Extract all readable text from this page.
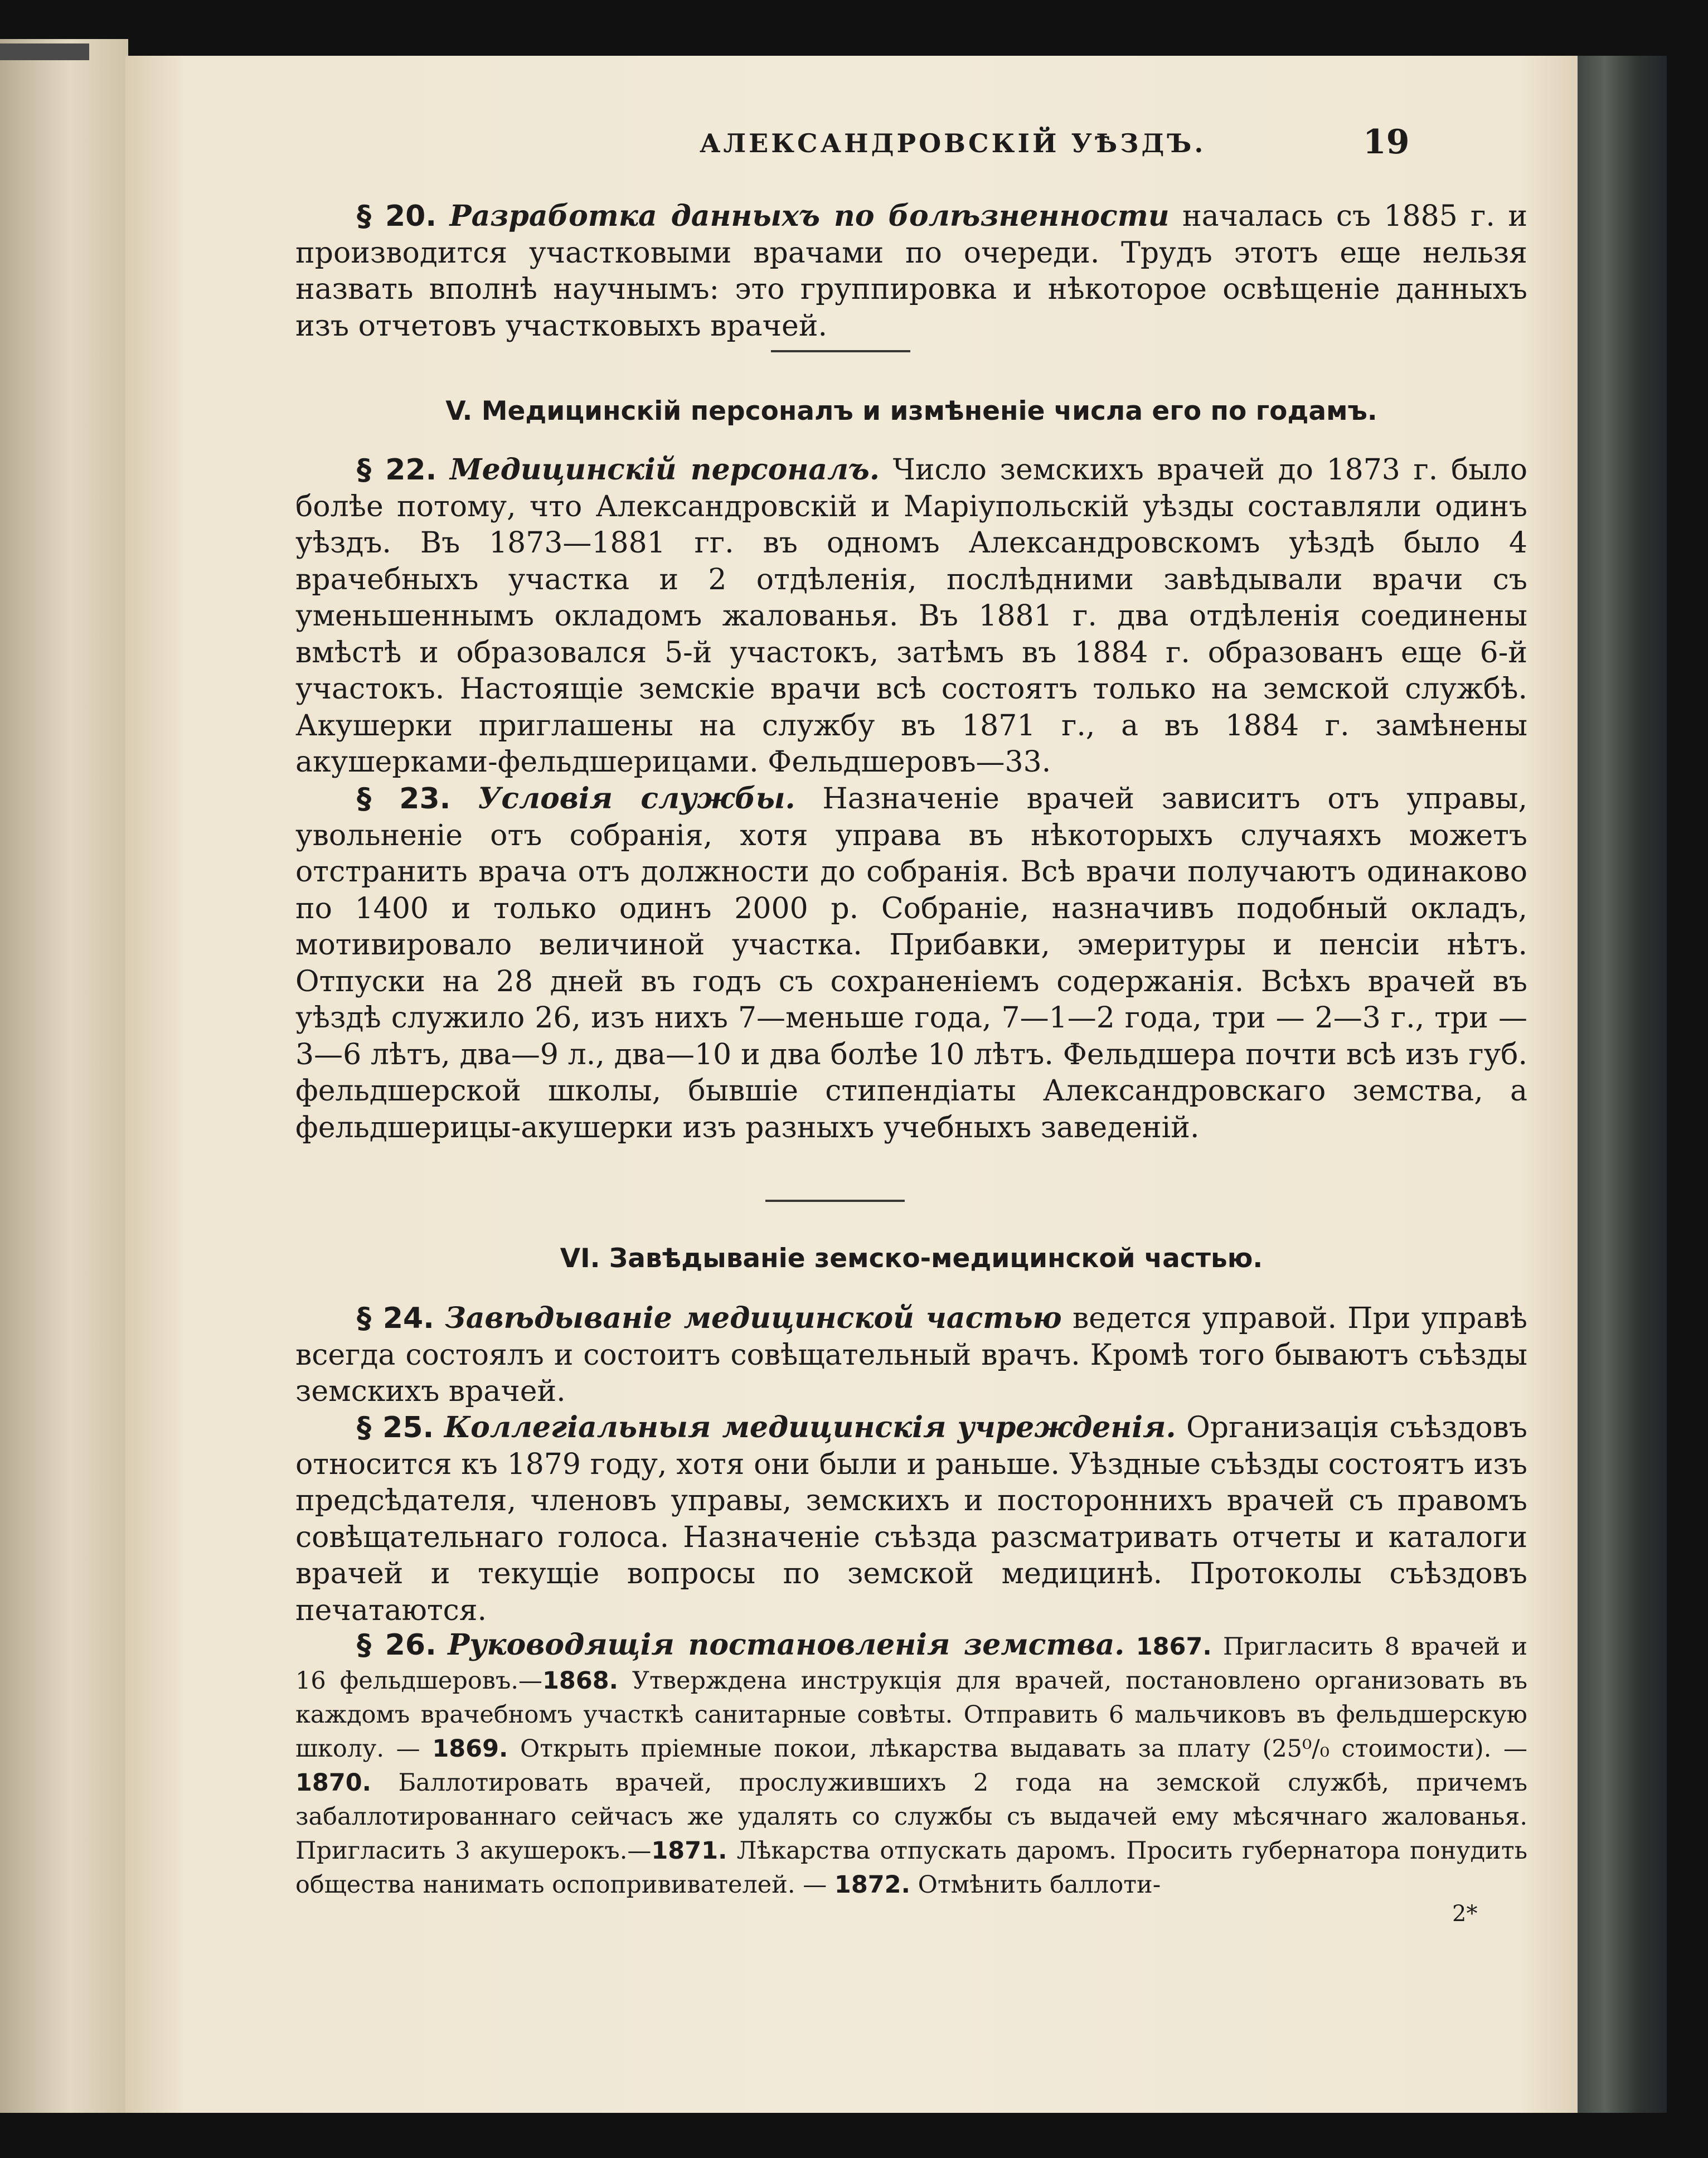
АЛЕКСАНДРОВСКІЙ УѢЗДЪ.	19
§ 20. Разработка данныхъ по болѣзненности началась съ 1885 г. и производится участковыми врачами по очереди. Трудъ этотъ еще нельзя назвать вполнѣ научнымъ: это группировка и нѣкоторое освѣщеніе данныхъ изъ отчетовъ участковыхъ врачей.
V. Медицинскій персоналъ и измѣненіе числа его по годамъ.
§ 22. Медицинскій персоналъ. Число земскихъ врачей до 1873 г. было болѣе потому, что Александровскій и Маріупольскій уѣзды составляли одинъ уѣздъ. Въ 1873—1881 гг. въ одномъ Александровскомъ уѣздѣ было 4 врачебныхъ участка и 2 отдѣленія, послѣдними завѣдывали врачи съ уменьшеннымъ окладомъ жалованья. Въ 1881 г. два отдѣленія соединены вмѣстѣ и образовался 5-й участокъ, затѣмъ въ 1884 г. образованъ еще 6-й участокъ. Настоящіе земскіе врачи всѣ состоятъ только на земской службѣ. Акушерки приглашены на службу въ 1871 г., а въ 1884 г. замѣнены акушерками-фельдшерицами. Фельдшеровъ—33.
§ 23. Условія службы. Назначеніе врачей зависитъ отъ управы, увольненіе отъ собранія, хотя управа въ нѣкоторыхъ случаяхъ можетъ отстранить врача отъ должности до собранія. Всѣ врачи получаютъ одинаково по 1400 и только одинъ 2000 р. Собраніе, назначивъ подобный окладъ, мотивировало величиной участка. Прибавки, эмеритуры и пенсіи нѣтъ. Отпуски на 28 дней въ годъ съ сохраненіемъ содержанія. Всѣхъ врачей въ уѣздѣ служило 26, изъ нихъ 7—меньше года, 7—1—2 года, три — 2—3 г., три — 3—6 лѣтъ, два—9 л., два—10 и два болѣе 10 лѣтъ. Фельдшера почти всѣ изъ губ. фельдшерской школы, бывшіе стипендіаты Александровскаго земства, а фельдшерицы-акушерки изъ разныхъ учебныхъ заведеній.
VI. Завѣдываніе земско-медицинской частью.
§ 24. Завѣдываніе медицинской частью ведется управой. При управѣ всегда состоялъ и состоитъ совѣщательный врачъ. Кромѣ того бываютъ съѣзды земскихъ врачей.
§ 25. Коллегіальныя медицинскія учрежденія. Организація съѣздовъ относится къ 1879 году, хотя они были и раньше. Уѣздные съѣзды состоятъ изъ предсѣдателя, членовъ управы, земскихъ и постороннихъ врачей съ правомъ совѣщательнаго голоса. Назначеніе съѣзда разсматривать отчеты и каталоги врачей и текущіе вопросы по земской медицинѣ. Протоколы съѣздовъ печатаются.
§ 26. Руководящія постановленія земства. 1867. Пригласить 8 врачей и 16 фельдшеровъ.—1868. Утверждена инструкція для врачей, постановлено организовать въ каждомъ врачебномъ участкѣ санитарные совѣты. Отправить 6 мальчиковъ въ фельдшерскую школу. — 1869. Открыть пріемные покои, лѣкарства выдавать за плату (25⁰/₀ стоимости). — 1870. Баллотировать врачей, прослужившихъ 2 года на земской службѣ, причемъ забаллотированнаго сейчасъ же удалять со службы съ выдачей ему мѣсячнаго жалованья. Пригласить 3 акушерокъ.—1871. Лѣкарства отпускать даромъ. Просить губернатора понудить общества нанимать оспопрививателей. — 1872. Отмѣнить баллоти-
2*
